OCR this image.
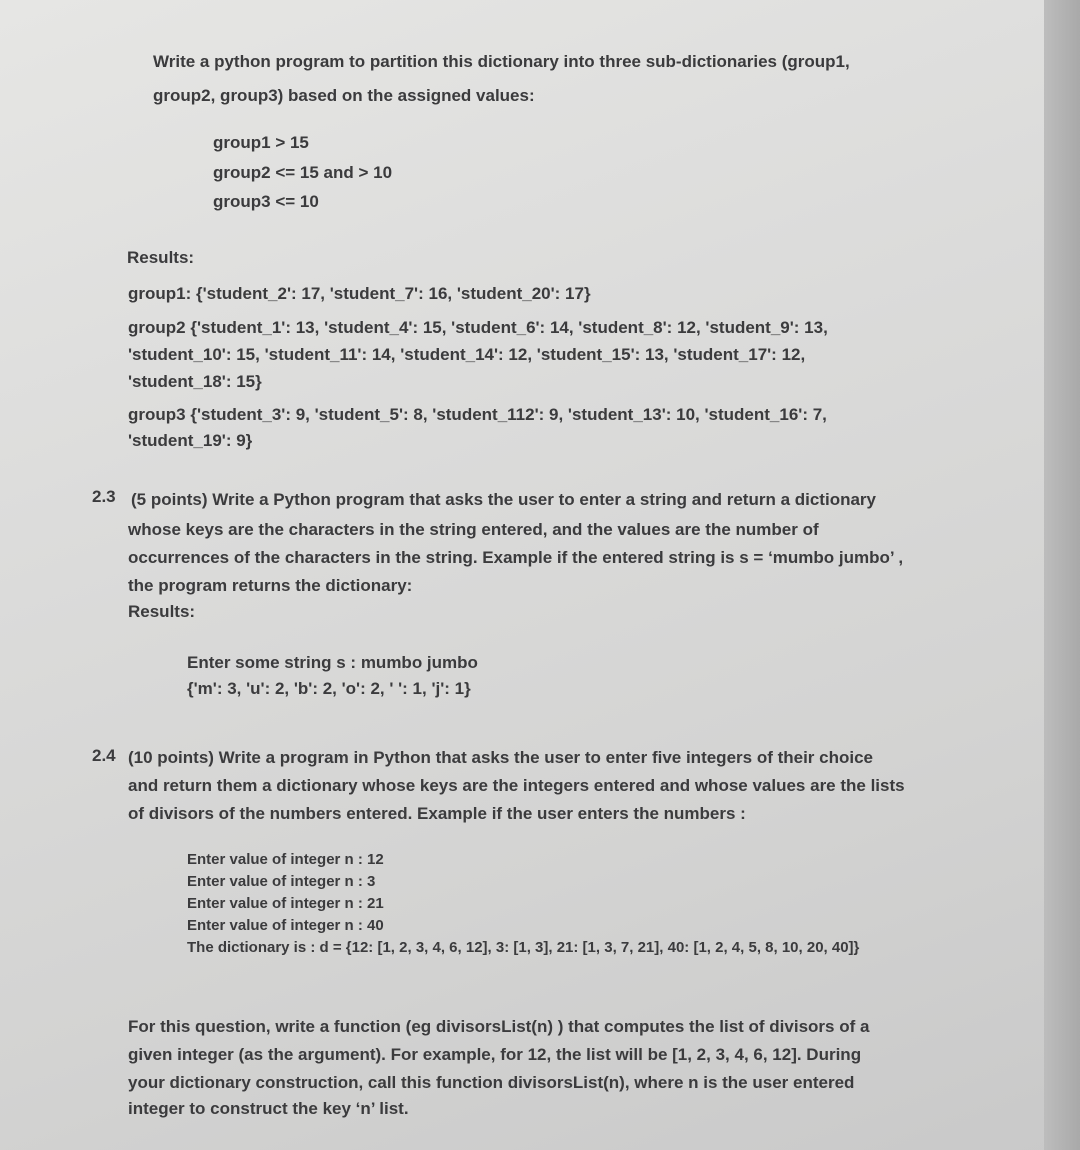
Write a python program to partition this dictionary into three sub-dictionaries (group1,
group2, group3) based on the assigned values:
group1 > 15
group2 <= 15 and > 10
group3 <= 10
Results:
group1: {'student_2': 17, 'student_7': 16, 'student_20': 17}
group2 {'student_1': 13, 'student_4': 15, 'student_6': 14, 'student_8': 12, 'student_9': 13,
'student_10': 15, 'student_11': 14, 'student_14': 12, 'student_15': 13, 'student_17': 12,
'student_18': 15}
group3 {'student_3': 9, 'student_5': 8, 'student_112': 9, 'student_13': 10, 'student_16': 7,
'student_19': 9}
2.3 (5 points) Write a Python program that asks the user to enter a string and return a dictionary
whose keys are the characters in the string entered, and the values are the number of
occurrences of the characters in the string. Example if the entered string is s = ‘mumbo jumbo’ ,
the program returns the dictionary:
Results:
Enter some string s : mumbo jumbo
{'m': 3, 'u': 2, 'b': 2, 'o': 2, ' ': 1, 'j': 1}
2.4 (10 points) Write a program in Python that asks the user to enter five integers of their choice
and return them a dictionary whose keys are the integers entered and whose values are the lists
of divisors of the numbers entered. Example if the user enters the numbers :
Enter value of integer n : 12
Enter value of integer n : 3
Enter value of integer n : 21
Enter value of integer n : 40
The dictionary is : d = {12: [1, 2, 3, 4, 6, 12], 3: [1, 3], 21: [1, 3, 7, 21], 40: [1, 2, 4, 5, 8, 10, 20, 40]}
For this question, write a function (eg divisorsList(n) ) that computes the list of divisors of a
given integer (as the argument). For example, for 12, the list will be [1, 2, 3, 4, 6, 12]. During
your dictionary construction, call this function divisorsList(n), where n is the user entered
integer to construct the key ‘n’ list.
